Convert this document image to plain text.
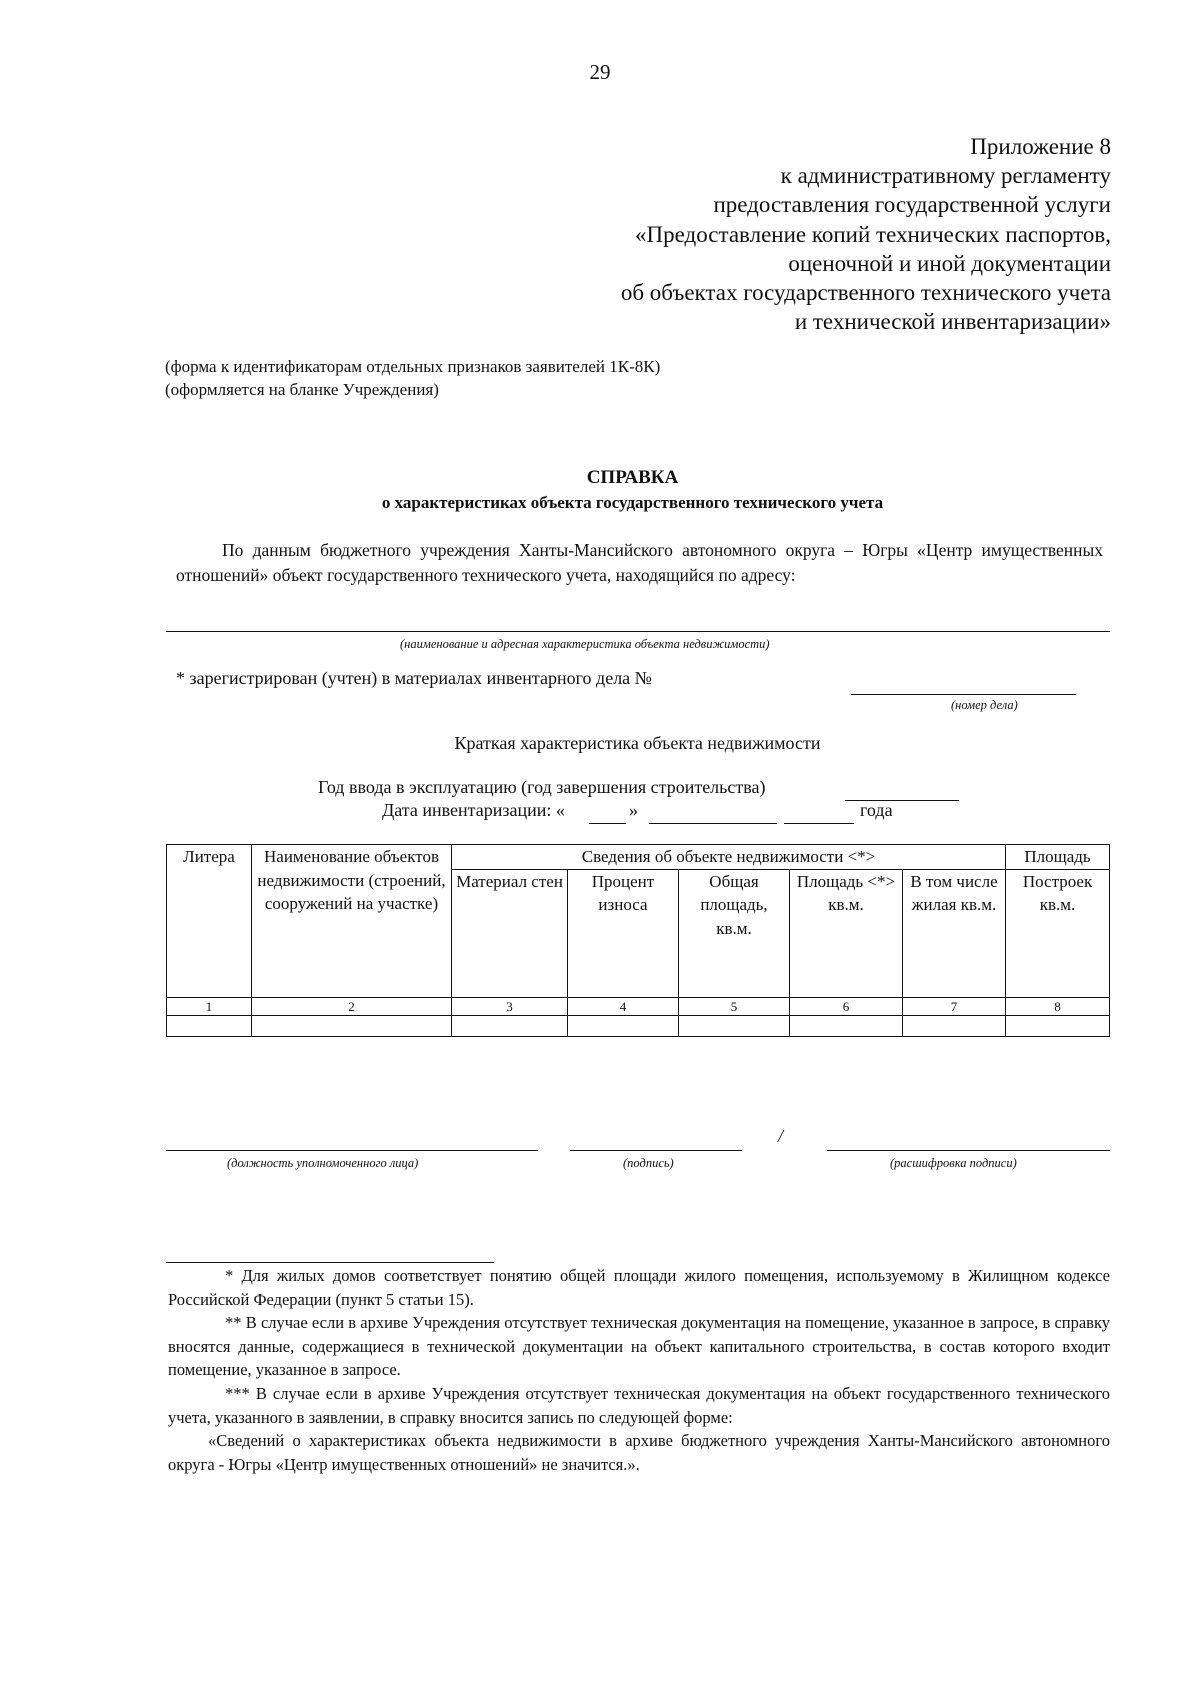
29
Приложение 8
к административному регламенту
предоставления государственной услуги
«Предоставление копий технических паспортов,
оценочной и иной документации
об объектах государственного технического учета
и технической инвентаризации»
(форма к идентификаторам отдельных признаков заявителей 1К-8К)
(оформляется на бланке Учреждения)
СПРАВКА
о характеристиках объекта государственного технического учета
По данным бюджетного учреждения Ханты-Мансийского автономного округа – Югры «Центр имущественных отношений» объект государственного технического учета, находящийся по адресу:
(наименование и адресная характеристика объекта недвижимости)
* зарегистрирован (учтен) в материалах инвентарного дела №
(номер дела)
Краткая характеристика объекта недвижимости
Год ввода в эксплуатацию (год завершения строительства)
Дата инвентаризации: «	»	года
Литера	Наименование объектов недвижимости (строений, сооружений на участке)	Сведения об объекте недвижимости <*>					Площадь
		Материал стен	Процент износа	Общая площадь, кв.м.	Площадь <*> кв.м.	В том числе жилая кв.м.	Построек кв.м.
1	2	3	4	5	6	7	8

(должность уполномоченного лица)	(подпись)
/
(расшифровка подписи)

* Для жилых домов соответствует понятию общей площади жилого помещения, используемому в Жилищном кодексе Российской Федерации (пункт 5 статьи 15).

** В случае если в архиве Учреждения отсутствует техническая документация на помещение, указанное в запросе, в справку вносятся данные, содержащиеся в технической документации на объект капитального строительства, в состав которого входит помещение, указанное в запросе.

*** В случае если в архиве Учреждения отсутствует техническая документация на объект государственного технического учета, указанного в заявлении, в справку вносится запись по следующей форме:

«Сведений о характеристиках объекта недвижимости в архиве бюджетного учреждения Ханты-Мансийского автономного округа - Югры «Центр имущественных отношений» не значится.».
